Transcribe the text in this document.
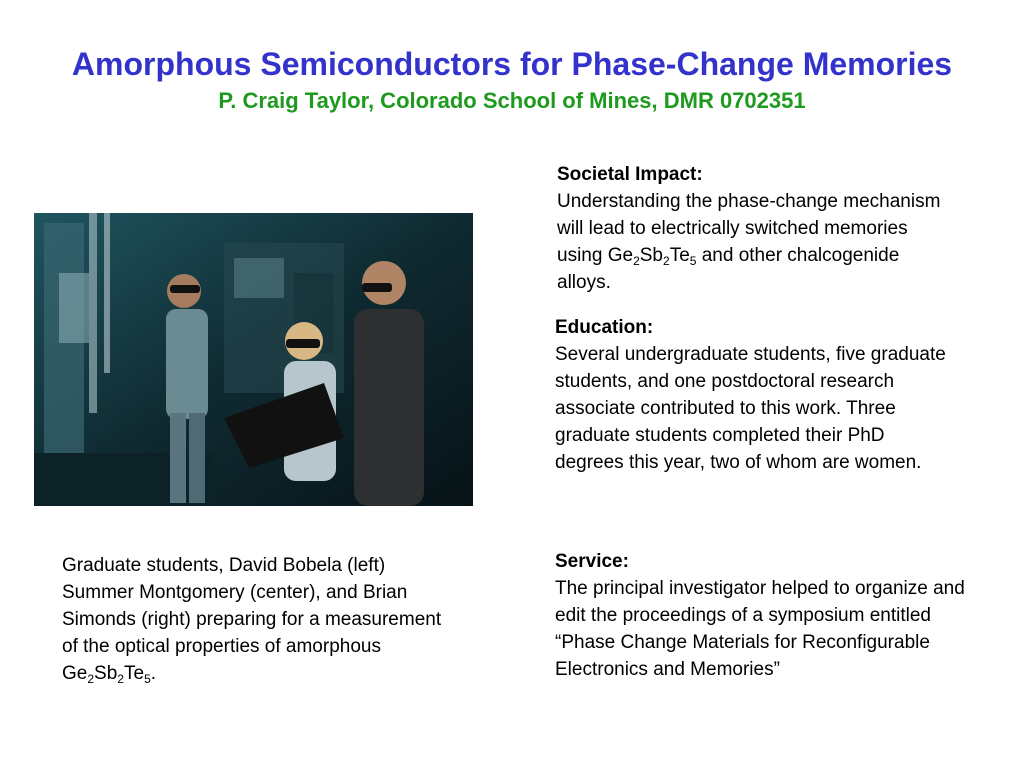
Amorphous Semiconductors for Phase-Change Memories
P. Craig Taylor, Colorado School of Mines, DMR 0702351
Graduate students, David Bobela (left) Summer Montgomery (center), and Brian Simonds (right) preparing for a measurement of the optical properties of amorphous $Ge_2Sb_2Te_5$.
Societal Impact:
Understanding the phase-change mechanism will lead to electrically switched memories using $Ge_2Sb_2Te_5$ and other chalcogenide alloys.
Education:
Several undergraduate students, five graduate students, and one postdoctoral research associate contributed to this work. Three graduate students completed their PhD degrees this year, two of whom are women.
Service:
The principal investigator helped to organize and edit the proceedings of a symposium entitled “Phase Change Materials for Reconfigurable Electronics and Memories”
